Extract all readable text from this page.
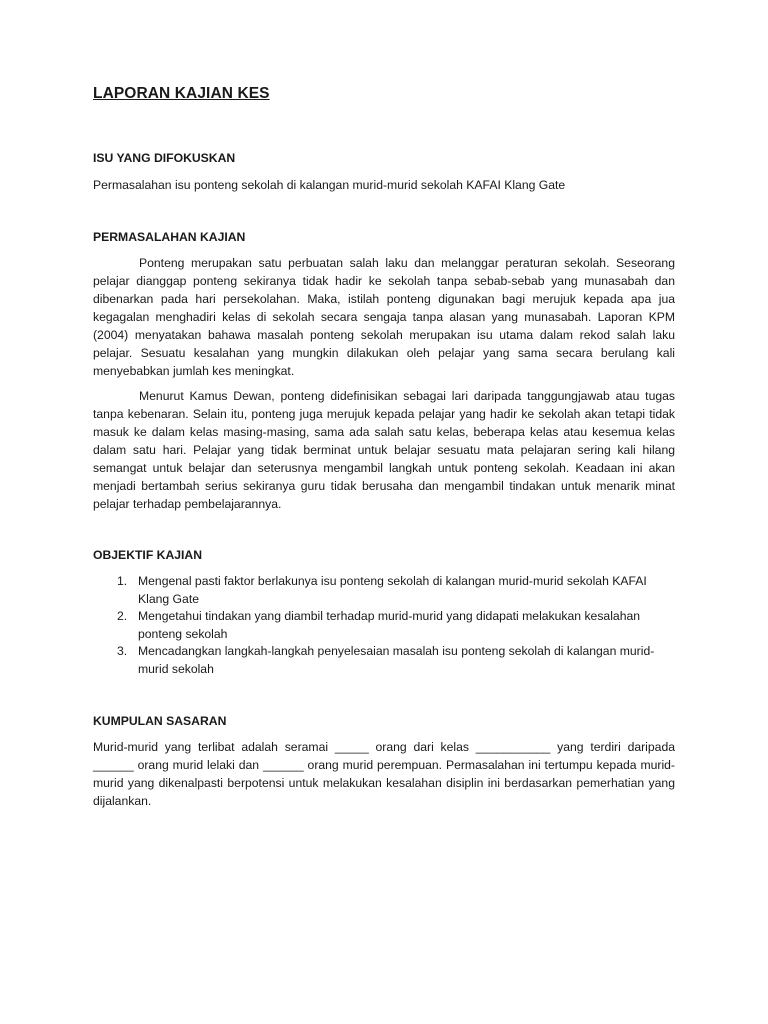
LAPORAN KAJIAN KES
ISU YANG DIFOKUSKAN

Permasalahan isu ponteng sekolah di kalangan murid-murid sekolah KAFAI Klang Gate

PERMASALAHAN KAJIAN

Ponteng merupakan satu perbuatan salah laku dan melanggar peraturan sekolah. Seseorang pelajar dianggap ponteng sekiranya tidak hadir ke sekolah tanpa sebab-sebab yang munasabah dan dibenarkan pada hari persekolahan. Maka, istilah ponteng digunakan bagi merujuk kepada apa jua kegagalan menghadiri kelas di sekolah secara sengaja tanpa alasan yang munasabah. Laporan KPM (2004) menyatakan bahawa masalah ponteng sekolah merupakan isu utama dalam rekod salah laku pelajar. Sesuatu kesalahan yang mungkin dilakukan oleh pelajar yang sama secara berulang kali menyebabkan jumlah kes meningkat.

Menurut Kamus Dewan, ponteng didefinisikan sebagai lari daripada tanggungjawab atau tugas tanpa kebenaran. Selain itu, ponteng juga merujuk kepada pelajar yang hadir ke sekolah akan tetapi tidak masuk ke dalam kelas masing-masing, sama ada salah satu kelas, beberapa kelas atau kesemua kelas dalam satu hari. Pelajar yang tidak berminat untuk belajar sesuatu mata pelajaran sering kali hilang semangat untuk belajar dan seterusnya mengambil langkah untuk ponteng sekolah. Keadaan ini akan menjadi bertambah serius sekiranya guru tidak berusaha dan mengambil tindakan untuk menarik minat pelajar terhadap pembelajarannya.

OBJEKTIF KAJIAN
1. Mengenal pasti faktor berlakunya isu ponteng sekolah di kalangan murid-murid sekolah KAFAI Klang Gate
2. Mengetahui tindakan yang diambil terhadap murid-murid yang didapati melakukan kesalahan ponteng sekolah
3. Mencadangkan langkah-langkah penyelesaian masalah isu ponteng sekolah di kalangan murid-murid sekolah
KUMPULAN SASARAN

Murid-murid yang terlibat adalah seramai _____ orang dari kelas ___________ yang terdiri daripada ______ orang murid lelaki dan ______ orang murid perempuan. Permasalahan ini tertumpu kepada murid-murid yang dikenalpasti berpotensi untuk melakukan kesalahan disiplin ini berdasarkan pemerhatian yang dijalankan.
